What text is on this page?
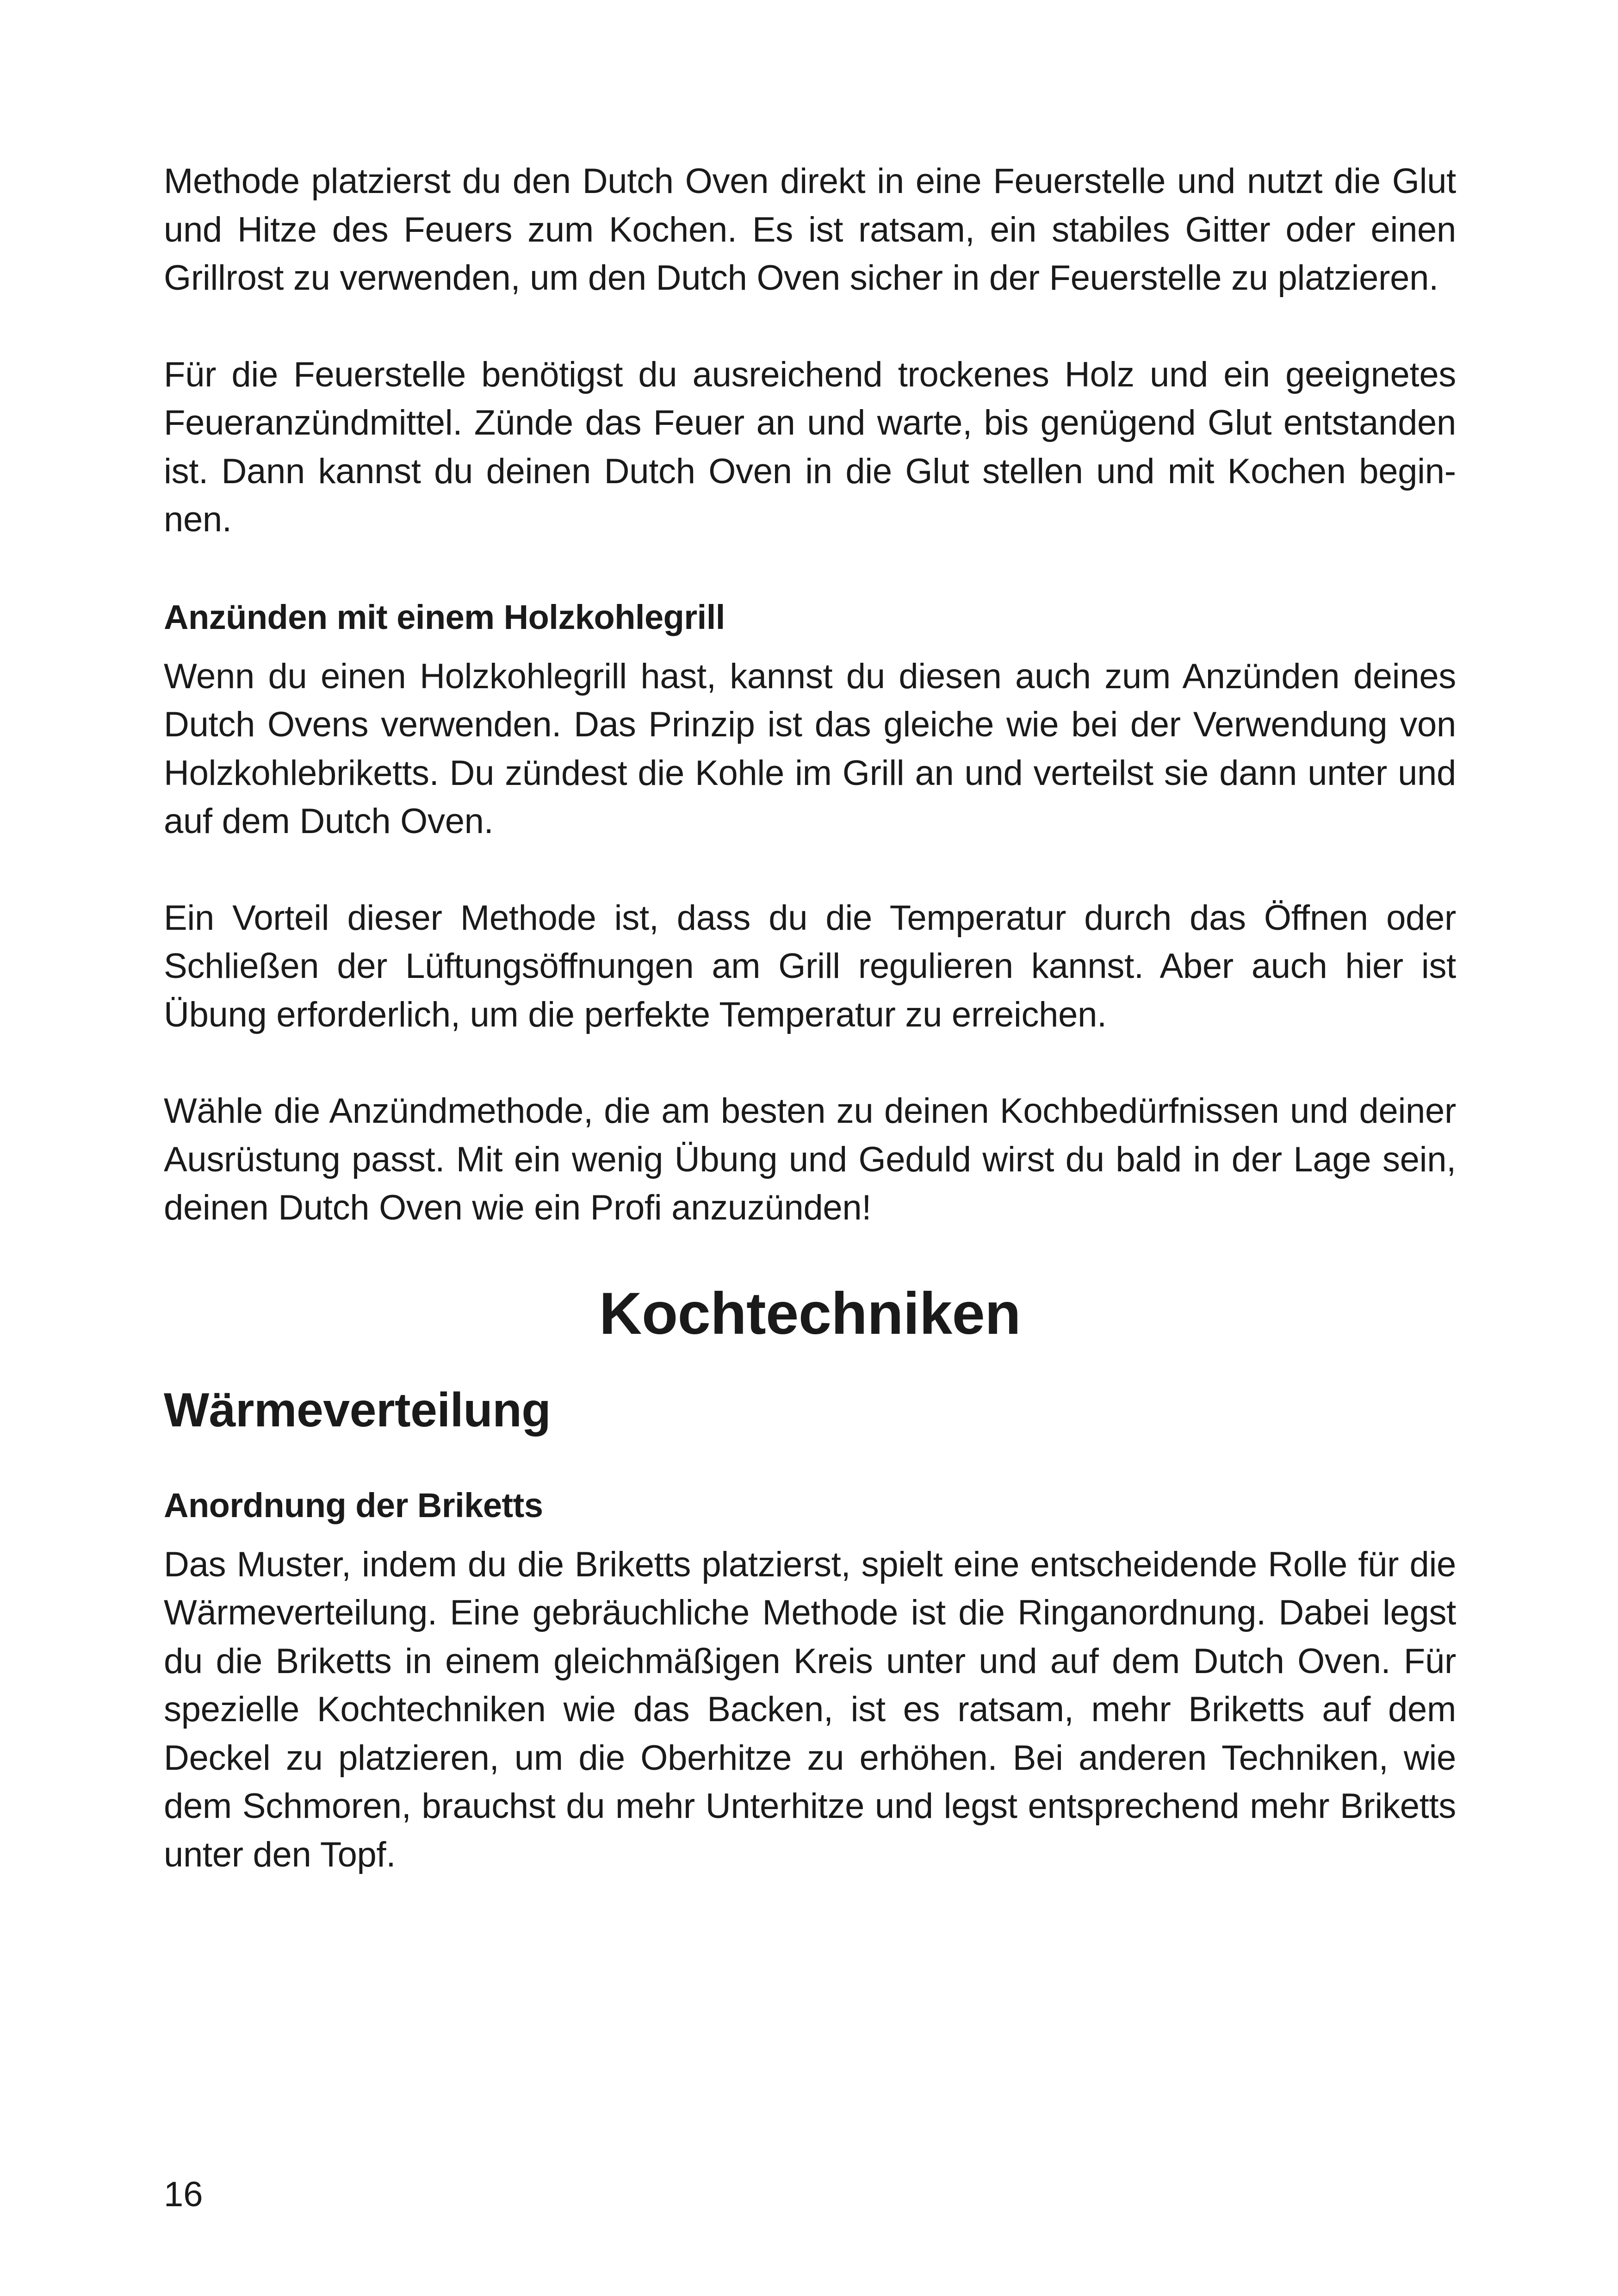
Methode platzierst du den Dutch Oven direkt in eine Feuerstelle und nutzt die Glut und Hitze des Feuers zum Kochen. Es ist ratsam, ein stabiles Gitter oder einen Grillrost zu verwenden, um den Dutch Oven sicher in der Feuerstelle zu platzieren.

Für die Feuerstelle benötigst du ausreichend trockenes Holz und ein geeignetes Feueranzündmittel. Zünde das Feuer an und warte, bis genügend Glut entstanden ist. Dann kannst du deinen Dutch Oven in die Glut stellen und mit Kochen beginnen.

Anzünden mit einem Holzkohlegrill

Wenn du einen Holzkohlegrill hast, kannst du diesen auch zum Anzünden deines Dutch Ovens verwenden. Das Prinzip ist das gleiche wie bei der Verwendung von Holzkohlebriketts. Du zündest die Kohle im Grill an und verteilst sie dann unter und auf dem Dutch Oven.

Ein Vorteil dieser Methode ist, dass du die Temperatur durch das Öffnen oder Schließen der Lüftungsöffnungen am Grill regulieren kannst. Aber auch hier ist Übung erforderlich, um die perfekte Temperatur zu erreichen.

Wähle die Anzündmethode, die am besten zu deinen Kochbedürfnissen und deiner Ausrüstung passt. Mit ein wenig Übung und Geduld wirst du bald in der Lage sein, deinen Dutch Oven wie ein Profi anzuzünden!

Kochtechniken
Wärmeverteilung
Anordnung der Briketts

Das Muster, indem du die Briketts platzierst, spielt eine entscheidende Rolle für die Wärmeverteilung. Eine gebräuchliche Methode ist die Ringanordnung. Dabei legst du die Briketts in einem gleichmäßigen Kreis unter und auf dem Dutch Oven. Für spezielle Kochtechniken wie das Backen, ist es ratsam, mehr Briketts auf dem Deckel zu platzieren, um die Oberhitze zu erhöhen. Bei anderen Techniken, wie dem Schmoren, brauchst du mehr Unterhitze und legst entsprechend mehr Briketts unter den Topf.

16
